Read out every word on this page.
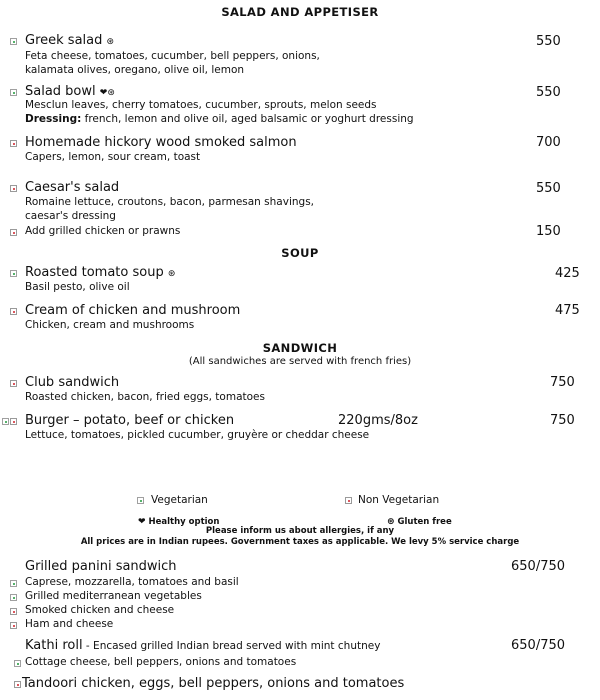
SALAD AND APPETISER
Greek salad ⊛	550
Feta cheese, tomatoes, cucumber, bell peppers, onions,
kalamata olives, oregano, olive oil, lemon
Salad bowl ❤⊛	550
Mesclun leaves, cherry tomatoes, cucumber, sprouts, melon seeds
Dressing: french, lemon and olive oil, aged balsamic or yoghurt dressing
Homemade hickory wood smoked salmon	700
Capers, lemon, sour cream, toast
Caesar's salad	550
Romaine lettuce, croutons, bacon, parmesan shavings,
caesar's dressing
Add grilled chicken or prawns	150
SOUP
Roasted tomato soup ⊛	425
Basil pesto, olive oil
Cream of chicken and mushroom	475
Chicken, cream and mushrooms
SANDWICH
(All sandwiches are served with french fries)
Club sandwich	750
Roasted chicken, bacon, fried eggs, tomatoes
Burger – potato, beef or chicken	220gms/8oz	750
Lettuce, tomatoes, pickled cucumber, gruyère or cheddar cheese
Vegetarian	Non Vegetarian
❤ Healthy option	⊛ Gluten free
Please inform us about allergies, if any
All prices are in Indian rupees. Government taxes as applicable. We levy 5% service charge
Grilled panini sandwich	650/750
Caprese, mozzarella, tomatoes and basil
Grilled mediterranean vegetables
Smoked chicken and cheese
Ham and cheese
Kathi roll - Encased grilled Indian bread served with mint chutney	650/750
Cottage cheese, bell peppers, onions and tomatoes
Tandoori chicken, eggs, bell peppers, onions and tomatoes
